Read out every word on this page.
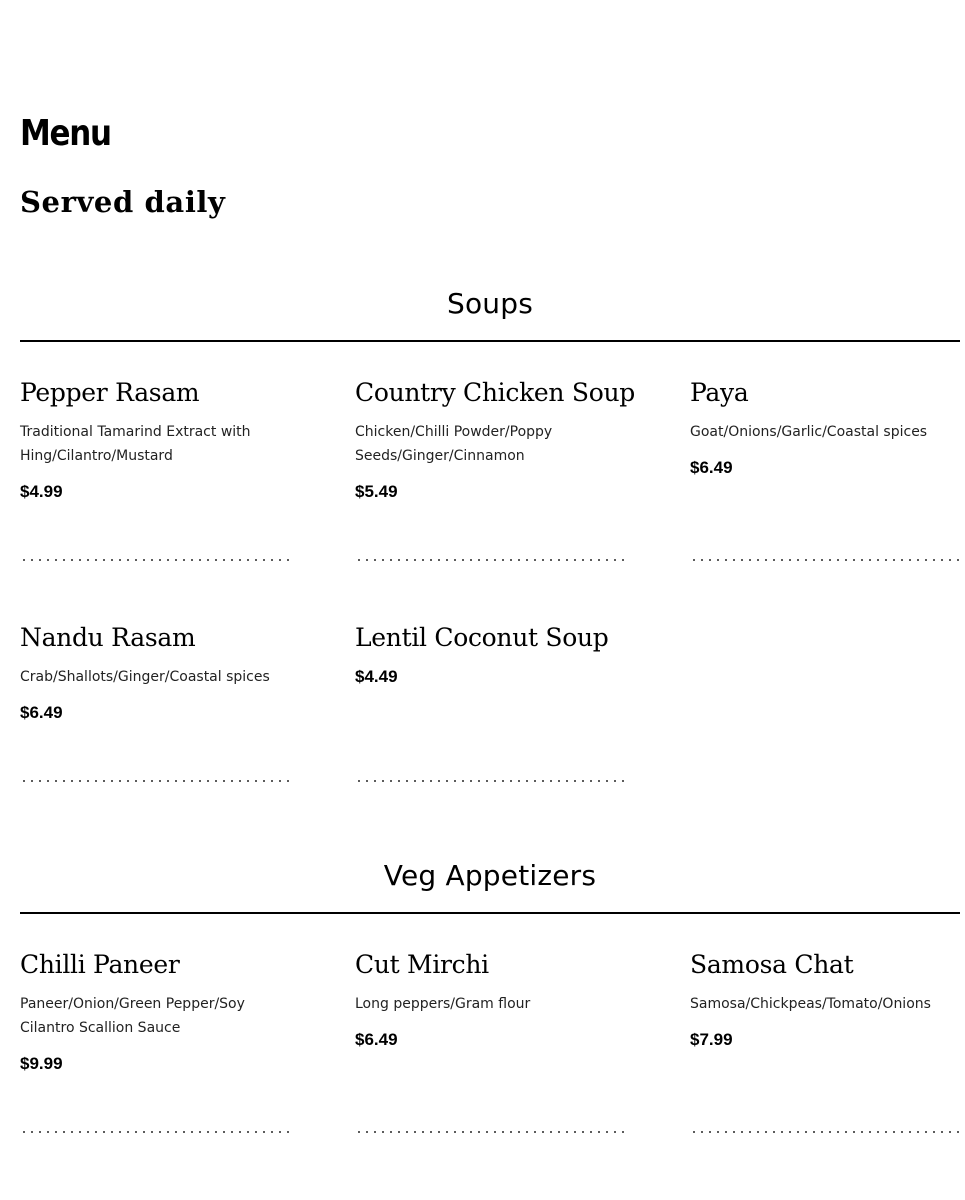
Menu
Served daily
Soups
Pepper Rasam

Traditional Tamarind Extract with Hing/Cilantro/Mustard

$4.99

Country Chicken Soup

Chicken/Chilli Powder/Poppy Seeds/Ginger/Cinnamon

$5.49

Paya

Goat/Onions/Garlic/Coastal spices

$6.49

Nandu Rasam

Crab/Shallots/Ginger/Coastal spices

$6.49

Lentil Coconut Soup

$4.49

Veg Appetizers
Chilli Paneer

Paneer/Onion/Green Pepper/Soy Cilantro Scallion Sauce

$9.99

Cut Mirchi

Long peppers/Gram flour

$6.49

Samosa Chat

Samosa/Chickpeas/Tomato/Onions

$7.99
